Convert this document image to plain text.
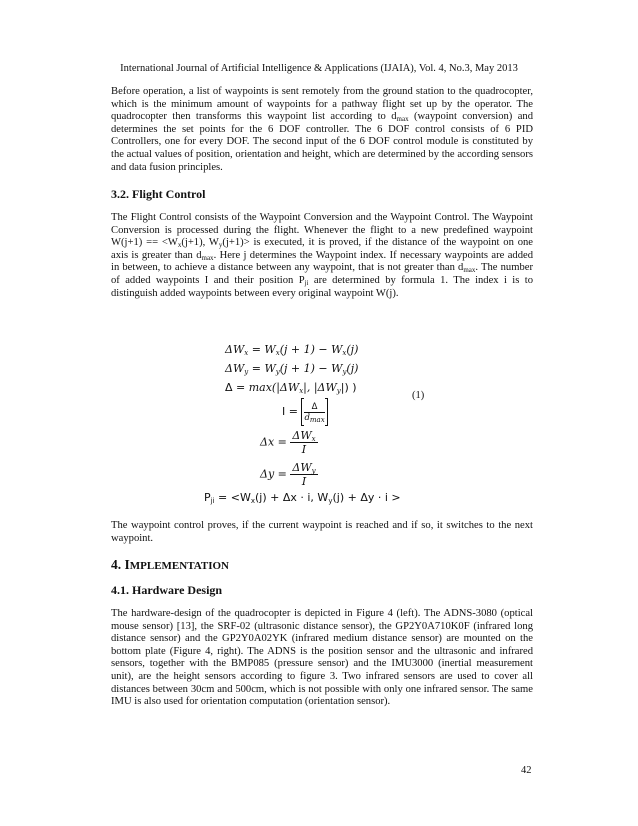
International Journal of Artificial Intelligence & Applications (IJAIA), Vol. 4, No.3, May 2013

Before operation, a list of waypoints is sent remotely from the ground station to the quadrocopter, which is the minimum amount of waypoints for a pathway flight set up by the operator. The quadrocopter then transforms this waypoint list according to $d_{max}$ (waypoint conversion) and determines the set points for the 6 DOF controller. The 6 DOF control consists of 6 PID Controllers, one for every DOF. The second input of the 6 DOF control module is constituted by the actual values of position, orientation and height, which are determined by the according sensors and data fusion principles.

3.2. Flight Control

The Flight Control consists of the Waypoint Conversion and the Waypoint Control. The Waypoint Conversion is processed during the flight. Whenever the flight to a new predefined waypoint $W(j+1) == <W_x(j+1)$, $W_y(j+1)>$ is executed, it is proved, if the distance of the waypoint on one axis is greater than $d_{max}$. Here j determines the Waypoint index. If necessary waypoints are added in between, to achieve a distance between any waypoint, that is not greater than $d_{max}$. The number of added waypoints I and their position $P_{ji}$ are determined by formula 1. The index i is to distinguish added waypoints between every original waypoint W(j).

$\Delta W_x = W_x(j + 1) - W_x(j)$
$\Delta W_y = W_y(j + 1) - W_y(j)$
$\Delta = \max(|\Delta W_x|$, $|\Delta W_y|$) )
$I = \frac{\Delta}{d_{max}}$
$\Delta x = \frac{\Delta W_x}{I}$
$\Delta y = \frac{\Delta W_y}{I}$
$P_{ji} = <W_x(j) + \Delta x \cdot i$, $W_y(j) + \Delta y \cdot i$ >
(1)

The waypoint control proves, if the current waypoint is reached and if so, it switches to the next waypoint.

4. IMPLEMENTATION
4.1. Hardware Design

The hardware-design of the quadrocopter is depicted in Figure 4 (left). The ADNS-3080 (optical mouse sensor) [13], the SRF-02 (ultrasonic distance sensor), the GP2Y0A710K0F (infrared long distance sensor) and the GP2Y0A02YK (infrared medium distance sensor) are mounted on the bottom plate (Figure 4, right). The ADNS is the position sensor and the ultrasonic and infrared sensors, together with the BMP085 (pressure sensor) and the IMU3000 (inertial measurement unit), are the height sensors according to figure 3. Two infrared sensors are used to cover all distances between 30cm and 500cm, which is not possible with only one infrared sensor. The same IMU is also used for orientation computation (orientation sensor).

42
